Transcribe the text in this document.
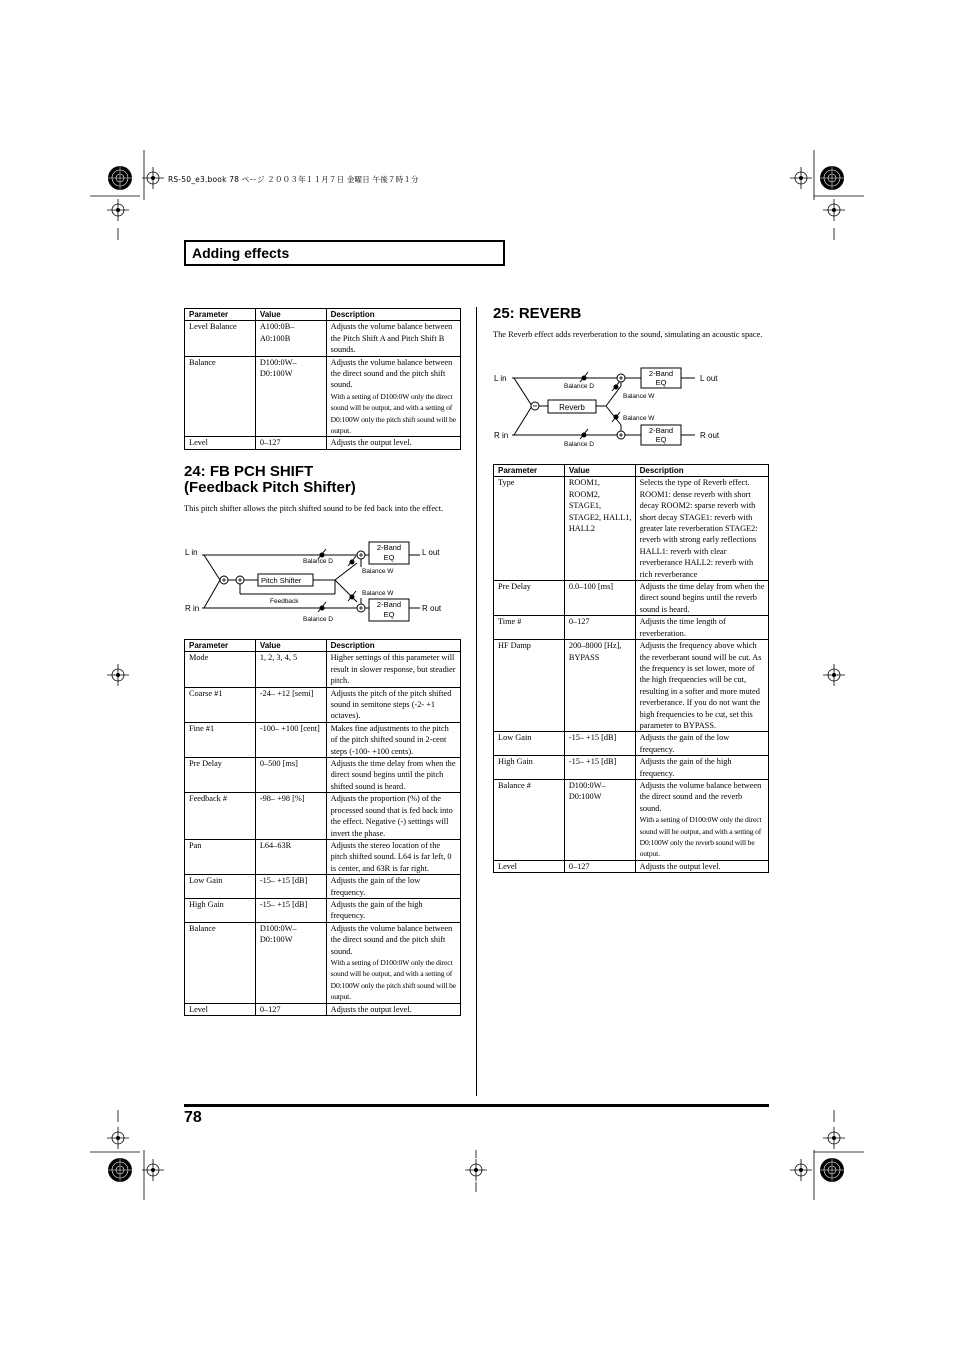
RS-50_e3.book 78 ページ ２００３年１１月７日 金曜日 午後７時１分
Adding effects
Parameter	Value	Description
Level Balance	A100:0B–A0:100B	Adjusts the volume balance between the Pitch Shift A and Pitch Shift B sounds.
Balance	D100:0W–D0:100W	Adjusts the volume balance between the direct sound and the pitch shift sound.
With a setting of D100:0W only the direct sound will be output, and with a setting of D0:100W only the pitch shift sound will be output.

Level	0–127	Adjusts the output level.
24: FB PCH SHIFT
(Feedback Pitch Shifter)
This pitch shifter allows the pitch shifted sound to be fed back into the effect.
L in
R in
L out
R out
Pitch Shifter
Feedback
Balance D
Balance D
Balance W
Balance W
2-Band
EQ
2-Band
EQ
Parameter	Value	Description
Mode	1, 2, 3, 4, 5	Higher settings of this parameter will result in slower response, but steadier pitch.
Coarse #1	-24– +12 [semi]	Adjusts the pitch of the pitch shifted sound in semitone steps (-2- +1 octaves).
Fine #1	-100– +100 [cent]	Makes fine adjustments to the pitch of the pitch shifted sound in 2-cent steps (-100- +100 cents).
Pre Delay	0–500 [ms]	Adjusts the time delay from when the direct sound begins until the pitch shifted sound is heard.
Feedback #	-98– +98 [%]	Adjusts the proportion (%) of the processed sound that is fed back into the effect. Negative (-) settings will invert the phase.
Pan	L64–63R	Adjusts the stereo location of the pitch shifted sound. L64 is far left, 0 is center, and 63R is far right.
Low Gain	-15– +15 [dB]	Adjusts the gain of the low frequency.
High Gain	-15– +15 [dB]	Adjusts the gain of the high frequency.
Balance	D100:0W–D0:100W	Adjusts the volume balance between the direct sound and the pitch shift sound.
With a setting of D100:0W only the direct sound will be output, and with a setting of D0:100W only the pitch shift sound will be output.

Level	0–127	Adjusts the output level.
25: REVERB
The Reverb effect adds reverberation to the sound, simulating an acoustic space.
L in
R in
L out
R out
Reverb
Balance D
Balance D
Balance W
Balance W
2-Band
EQ
2-Band
EQ
Parameter	Value	Description
Type	ROOM1, ROOM2, STAGE1, STAGE2, HALL1, HALL2	Selects the type of Reverb effect. ROOM1: dense reverb with short decay ROOM2: sparse reverb with short decay STAGE1: reverb with greater late reverberation STAGE2: reverb with strong early reflections HALL1: reverb with clear reverberance HALL2: reverb with rich reverberance
Pre Delay	0.0–100 [ms]	Adjusts the time delay from when the direct sound begins until the reverb sound is heard.
Time #	0–127	Adjusts the time length of reverberation.
HF Damp	200–8000 [Hz], BYPASS	Adjusts the frequency above which the reverberant sound will be cut. As the frequency is set lower, more of the high frequencies will be cut, resulting in a softer and more muted reverberance. If you do not want the high frequencies to be cut, set this parameter to BYPASS.
Low Gain	-15– +15 [dB]	Adjusts the gain of the low frequency.
High Gain	-15– +15 [dB]	Adjusts the gain of the high frequency.
Balance #	D100:0W–D0:100W	Adjusts the volume balance between the direct sound and the reverb sound.
With a setting of D100:0W only the direct sound will be output, and with a setting of D0:100W only the reverb sound will be output.

Level	0–127	Adjusts the output level.
78
